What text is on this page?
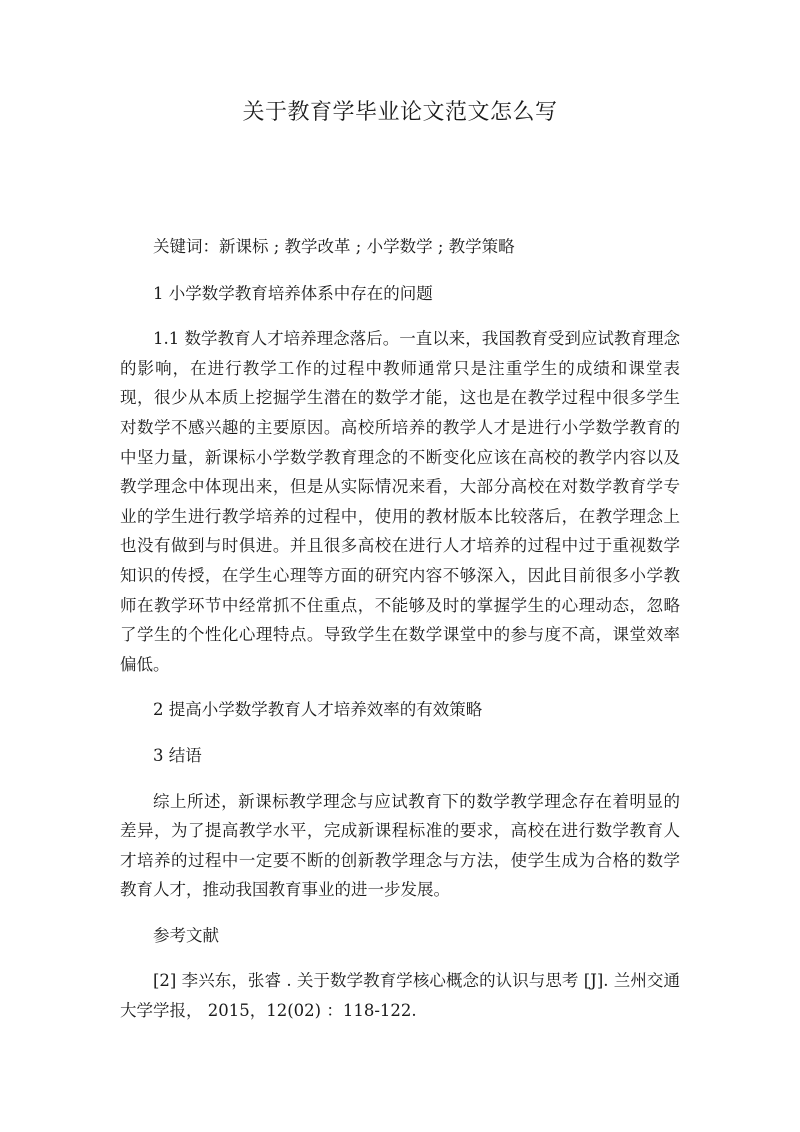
关于教育学毕业论文范文怎么写

关键词：新课标 ; 教学改革 ; 小学数学 ; 教学策略

1 小学数学教育培养体系中存在的问题

1.1 数学教育人才培养理念落后。一直以来，我国教育受到应试教育理念的影响，在进行教学工作的过程中教师通常只是注重学生的成绩和课堂表现，很少从本质上挖掘学生潜在的数学才能，这也是在教学过程中很多学生对数学不感兴趣的主要原因。高校所培养的教学人才是进行小学数学教育的中坚力量，新课标小学数学教育理念的不断变化应该在高校的教学内容以及教学理念中体现出来，但是从实际情况来看，大部分高校在对数学教育学专业的学生进行教学培养的过程中，使用的教材版本比较落后，在教学理念上也没有做到与时俱进。并且很多高校在进行人才培养的过程中过于重视数学知识的传授，在学生心理等方面的研究内容不够深入，因此目前很多小学教师在教学环节中经常抓不住重点，不能够及时的掌握学生的心理动态，忽略了学生的个性化心理特点。导致学生在数学课堂中的参与度不高，课堂效率偏低。

2 提高小学数学教育人才培养效率的有效策略

3 结语

综上所述，新课标教学理念与应试教育下的数学教学理念存在着明显的差异，为了提高教学水平，完成新课程标准的要求，高校在进行数学教育人才培养的过程中一定要不断的创新教学理念与方法，使学生成为合格的数学教育人才，推动我国教育事业的进一步发展。

参考文献

[2] 李兴东，张睿 . 关于数学教育学核心概念的认识与思考 [J]. 兰州交通大学学报， 2015，12(02) ：118-122.
